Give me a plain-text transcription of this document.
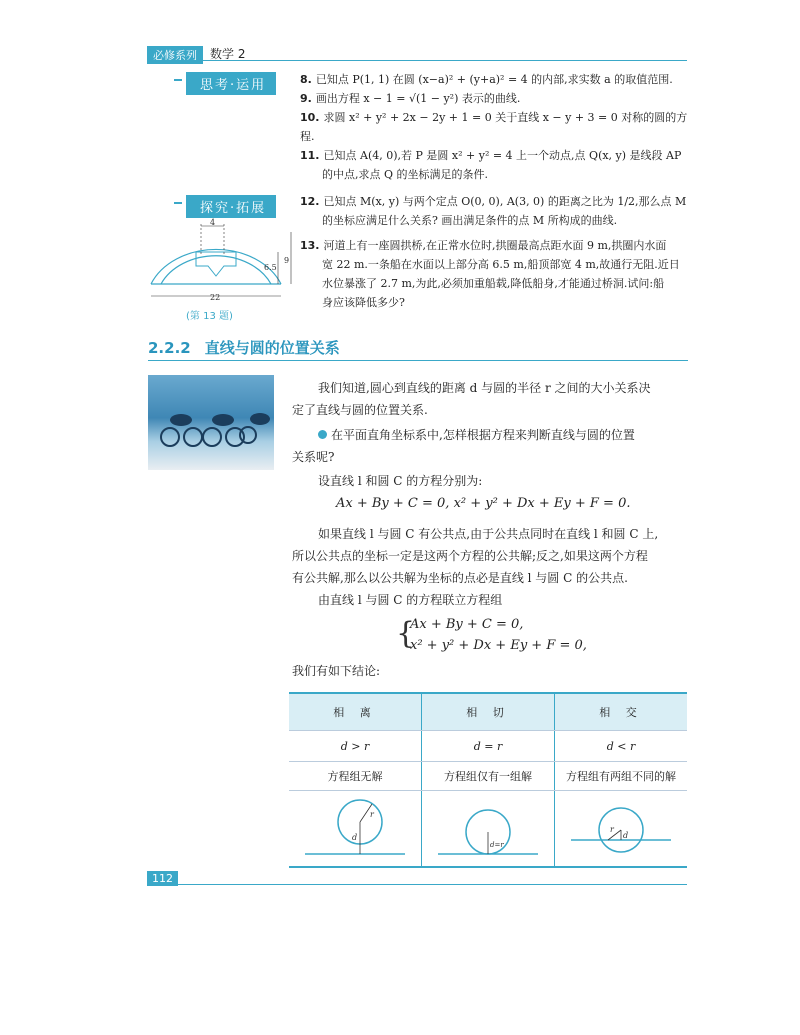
必修系列	数学 2
思考·运用	8. 已知点 P(1, 1) 在圆 (x−a)² + (y+a)² = 4 的内部,求实数 a 的取值范围.
9. 画出方程 x − 1 = √(1 − y²) 表示的曲线.
10. 求圆 x² + y² + 2x − 2y + 1 = 0 关于直线 x − y + 3 = 0 对称的圆的方程.
11. 已知点 A(4, 0),若 P 是圆 x² + y² = 4 上一个动点,点 Q(x, y) 是线段 AP
的中点,求点 Q 的坐标满足的条件.
探究·拓展	12. 已知点 M(x, y) 与两个定点 O(0, 0), A(3, 0) 的距离之比为 1/2,那么点 M
的坐标应满足什么关系? 画出满足条件的点 M 所构成的曲线.
13. 河道上有一座圆拱桥,在正常水位时,拱圈最高点距水面 9 m,拱圈内水面
宽 22 m.一条船在水面以上部分高 6.5 m,船顶部宽 4 m,故通行无阻.近日
水位暴涨了 2.7 m,为此,必须加重船载,降低船身,才能通过桥洞.试问:船
身应该降低多少?
4
6.5
9
22
(第 13 题)
2.2.2 直线与圆的位置关系
我们知道,圆心到直线的距离 d 与圆的半径 r 之间的大小关系决
定了直线与圆的位置关系.
在平面直角坐标系中,怎样根据方程来判断直线与圆的位置
关系呢?
设直线 l 和圆 C 的方程分别为:
Ax + By + C = 0, x² + y² + Dx + Ey + F = 0.
如果直线 l 与圆 C 有公共点,由于公共点同时在直线 l 和圆 C 上,
所以公共点的坐标一定是这两个方程的公共解;反之,如果这两个方程
有公共解,那么以公共解为坐标的点必是直线 l 与圆 C 的公共点.
由直线 l 与圆 C 的方程联立方程组
{
Ax + By + C = 0,
x² + y² + Dx + Ey + F = 0,
我们有如下结论:
相 离	相 切	相 交
d > r	d = r	d < r
方程组无解	方程组仅有一组解	方程组有两组不同的解

r
d	d=r	r
d
112
